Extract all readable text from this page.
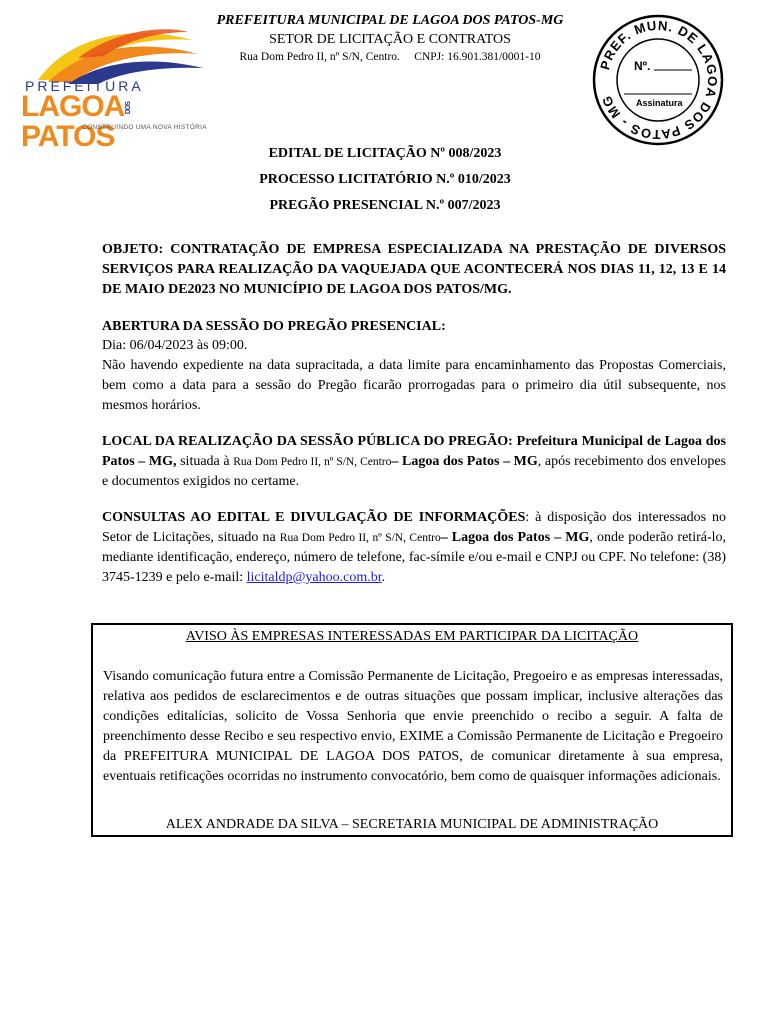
PREFEITURA
LAGOADOSPATOS
CONSTRUINDO UMA NOVA HISTÓRIA
PREFEITURA MUNICIPAL DE LAGOA DOS PATOS-MG
SETOR DE LICITAÇÃO E CONTRATOS
Rua Dom Pedro II, nº S/N, Centro.     CNPJ: 16.901.381/0001-10
PREF. MUN. DE LAGOA DOS PATOS - MG
Nº.
Assinatura
EDITAL DE LICITAÇÃO Nº 008/2023
PROCESSO LICITATÓRIO N.º 010/2023
PREGÃO PRESENCIAL N.º 007/2023
OBJETO: CONTRATAÇÃO DE EMPRESA ESPECIALIZADA NA PRESTAÇÃO DE DIVERSOS SERVIÇOS PARA REALIZAÇÃO DA VAQUEJADA QUE ACONTECERÁ NOS DIAS 11, 12, 13 E 14 DE MAIO DE2023 NO MUNICÍPIO DE LAGOA DOS PATOS/MG.
ABERTURA DA SESSÃO DO PREGÃO PRESENCIAL:
Dia: 06/04/2023 às 09:00.
Não havendo expediente na data supracitada, a data limite para encaminhamento das Propostas Comerciais, bem como a data para a sessão do Pregão ficarão prorrogadas para o primeiro dia útil subsequente, nos mesmos horários.
LOCAL DA REALIZAÇÃO DA SESSÃO PÚBLICA DO PREGÃO: Prefeitura Municipal de Lagoa dos Patos – MG, situada à Rua Dom Pedro II, nº S/N, Centro– Lagoa dos Patos – MG, após recebimento dos envelopes e documentos exigidos no certame.
CONSULTAS AO EDITAL E DIVULGAÇÃO DE INFORMAÇÕES: à disposição dos interessados no Setor de Licitações, situado na Rua Dom Pedro II, nº S/N, Centro– Lagoa dos Patos – MG, onde poderão retirá-lo, mediante identificação, endereço, número de telefone, fac-símile e/ou e-mail e CNPJ ou CPF. No telefone: (38) 3745-1239 e pelo e-mail: licitaldp@yahoo.com.br.
AVISO ÀS EMPRESAS INTERESSADAS EM PARTICIPAR DA LICITAÇÃO
Visando comunicação futura entre a Comissão Permanente de Licitação, Pregoeiro e as empresas interessadas, relativa aos pedidos de esclarecimentos e de outras situações que possam implicar, inclusive alterações das condições editalícias, solicito de Vossa Senhoria que envie preenchido o recibo a seguir. A falta de preenchimento desse Recibo e seu respectivo envio, EXIME a Comissão Permanente de Licitação e Pregoeiro da PREFEITURA MUNICIPAL DE LAGOA DOS PATOS, de comunicar diretamente à sua empresa, eventuais retificações ocorridas no instrumento convocatório, bem como de quaisquer informações adicionais.
ALEX ANDRADE DA SILVA – SECRETARIA MUNICIPAL DE ADMINISTRAÇÃO
